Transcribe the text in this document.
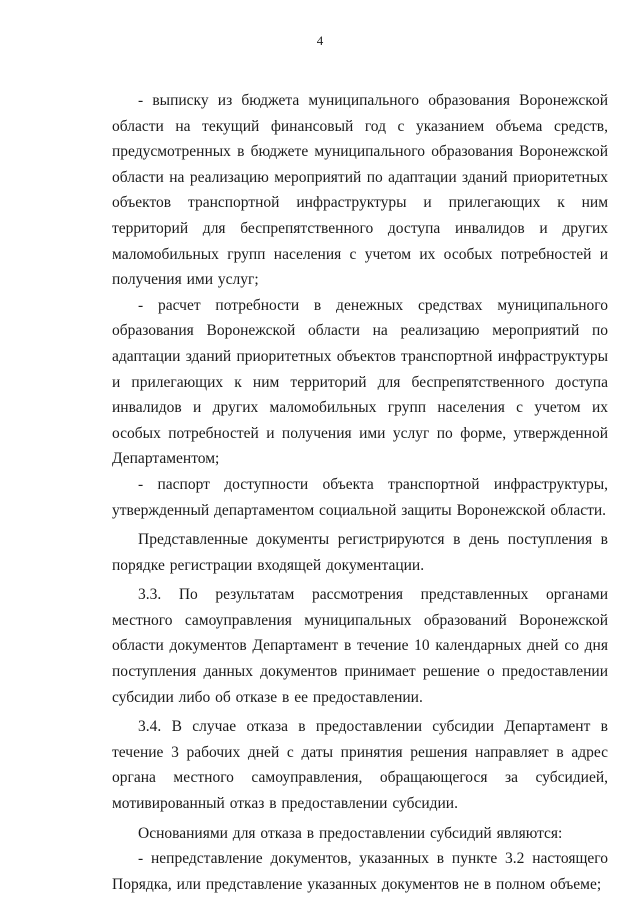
4

- выписку из бюджета муниципального образования Воронежской области на текущий финансовый год с указанием объема средств, предусмотренных в бюджете муниципального образования Воронежской области на реализацию мероприятий по адаптации зданий приоритетных объектов транспортной инфраструктуры и прилегающих к ним территорий для беспрепятственного доступа инвалидов и других маломобильных групп населения с учетом их особых потребностей и получения ими услуг;

- расчет потребности в денежных средствах муниципального образования Воронежской области на реализацию мероприятий по адаптации зданий приоритетных объектов транспортной инфраструктуры и прилегающих к ним территорий для беспрепятственного доступа инвалидов и других маломобильных групп населения с учетом их особых потребностей и получения ими услуг по форме, утвержденной Департаментом;

- паспорт доступности объекта транспортной инфраструктуры, утвержденный департаментом социальной защиты Воронежской области.

Представленные документы регистрируются в день поступления в порядке регистрации входящей документации.

3.3. По результатам рассмотрения представленных органами местного самоуправления муниципальных образований Воронежской области документов Департамент в течение 10 календарных дней со дня поступления данных документов принимает решение о предоставлении субсидии либо об отказе в ее предоставлении.

3.4. В случае отказа в предоставлении субсидии Департамент в течение 3 рабочих дней с даты принятия решения направляет в адрес органа местного самоуправления, обращающегося за субсидией, мотивированный отказ в предоставлении субсидии.

Основаниями для отказа в предоставлении субсидий являются:

- непредставление документов, указанных в пункте 3.2 настоящего Порядка, или представление указанных документов не в полном объеме;
